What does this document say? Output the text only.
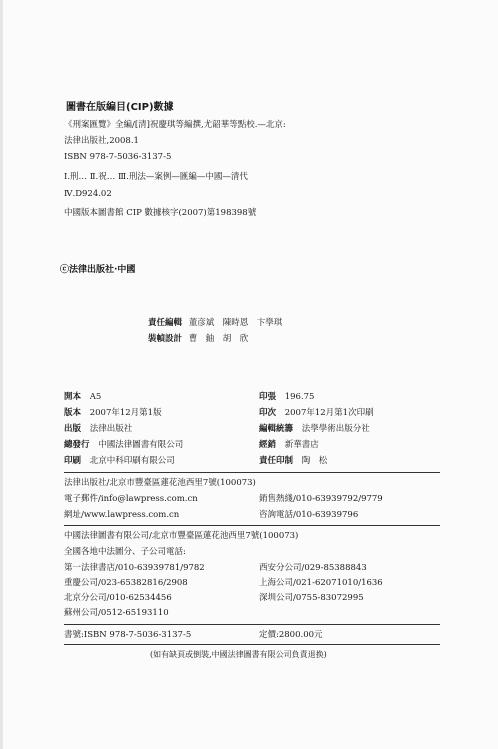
圖書在版編目(CIP)數據
《刑案匯覽》全編/[清]祝慶琪等編撰,尤韶華等點校.—北京:
法律出版社,2008.1
ISBN 978-7-5036-3137-5
Ⅰ.刑… Ⅱ.祝… Ⅲ.刑法—案例—匯編—中國—清代
Ⅳ.D924.02
中國版本圖書館 CIP 數據核字(2007)第198398號
ⓒ法律出版社·中國
責任編輯 董彦斌　陳時恩　卞學琪
裝幀設計 曹　鈾　胡　欣
開本 A5	印張 196.75
版本 2007年12月第1版	印次 2007年12月第1次印刷
出版 法律出版社	編輯統籌 法學學術出版分社
總發行 中國法律圖書有限公司	經銷 新華書店
印刷 北京中科印刷有限公司	責任印制 陶　松
法律出版社/北京市豐臺區蓮花池西里7號(100073)
電子郵件/info@lawpress.com.cn	銷售熱綫/010-63939792/9779
網址/www.lawpress.com.cn	咨詢電話/010-63939796
中國法律圖書有限公司/北京市豐臺區蓮花池西里7號(100073)
全國各地中法圖分、子公司電話:
第一法律書店/010-63939781/9782	西安分公司/029-85388843
重慶公司/023-65382816/2908	上海公司/021-62071010/1636
北京分公司/010-62534456	深圳公司/0755-83072995
蘇州公司/0512-65193110
書號:ISBN 978-7-5036-3137-5	定價:2800.00元
(如有缺頁或倒裝,中國法律圖書有限公司負責退换)
